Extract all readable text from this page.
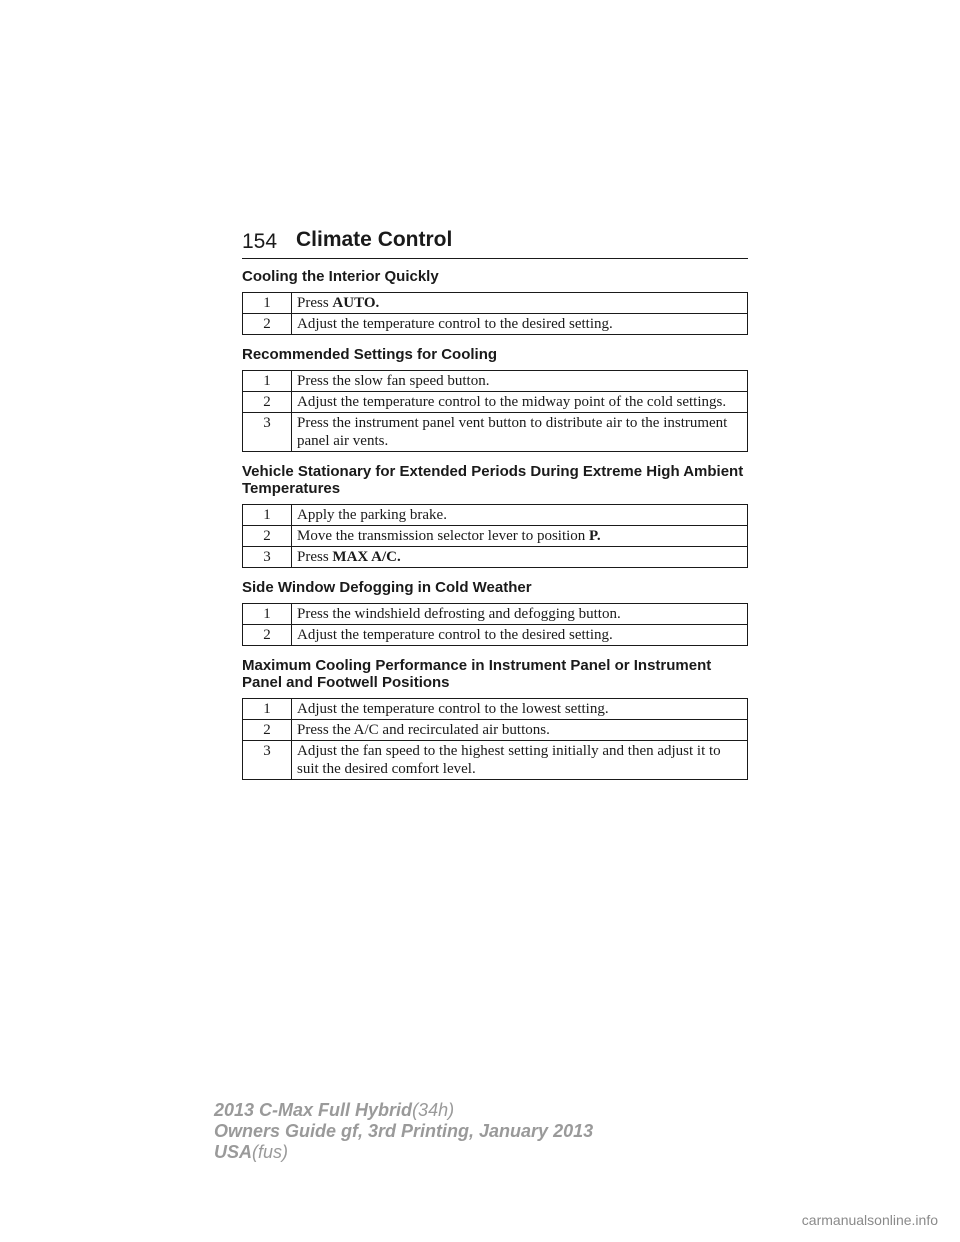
154 Climate Control
Cooling the Interior Quickly
1	Press AUTO.
2	Adjust the temperature control to the desired setting.
Recommended Settings for Cooling
1	Press the slow fan speed button.
2	Adjust the temperature control to the midway point of the cold settings.
3	Press the instrument panel vent button to distribute air to the instrument panel air vents.
Vehicle Stationary for Extended Periods During Extreme High Ambient Temperatures
1	Apply the parking brake.
2	Move the transmission selector lever to position P.
3	Press MAX A/C.
Side Window Defogging in Cold Weather
1	Press the windshield defrosting and defogging button.
2	Adjust the temperature control to the desired setting.
Maximum Cooling Performance in Instrument Panel or Instrument Panel and Footwell Positions
1	Adjust the temperature control to the lowest setting.
2	Press the A/C and recirculated air buttons.
3	Adjust the fan speed to the highest setting initially and then adjust it to suit the desired comfort level.
2013 C-Max Full Hybrid(34h)
Owners Guide gf, 3rd Printing, January 2013
USA(fus)
carmanualsonline.info
